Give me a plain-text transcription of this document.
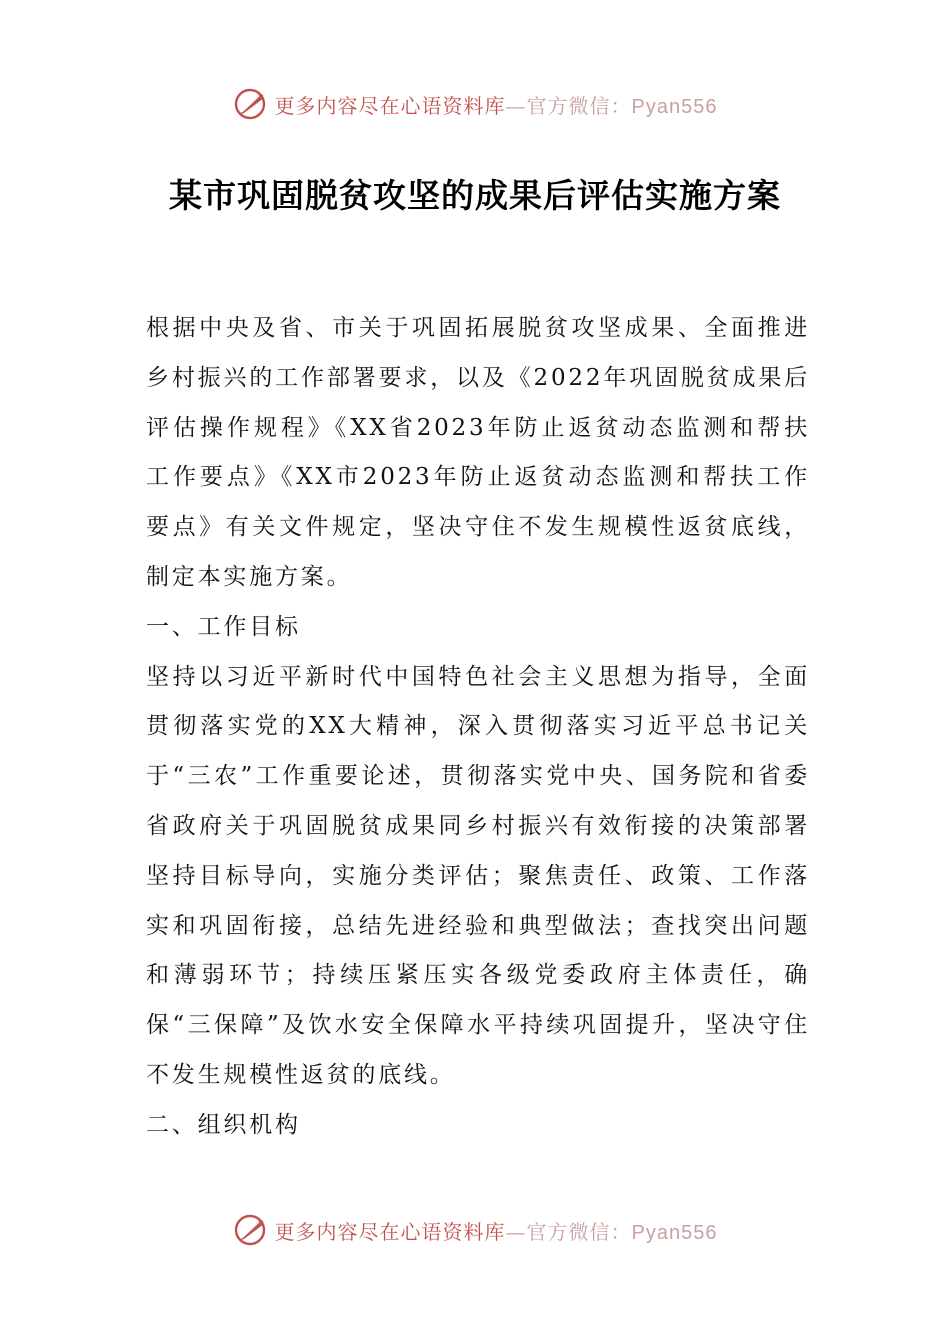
更多内容尽在心语资料库—官方微信：Pyan556
某市巩固脱贫攻坚的成果后评估实施方案

根据中央及省、市关于巩固拓展脱贫攻坚成果、全面推进乡村振兴的工作部署要求，以及《2022年巩固脱贫成果后评估操作规程》《XX省2023年防止返贫动态监测和帮扶工作要点》《XX市2023年防止返贫动态监测和帮扶工作要点》有关文件规定，坚决守住不发生规模性返贫底线，制定本实施方案。

一、工作目标

坚持以习近平新时代中国特色社会主义思想为指导，全面贯彻落实党的XX大精神，深入贯彻落实习近平总书记关于“三农”工作重要论述，贯彻落实党中央、国务院和省委省政府关于巩固脱贫成果同乡村振兴有效衔接的决策部署坚持目标导向，实施分类评估；聚焦责任、政策、工作落实和巩固衔接，总结先进经验和典型做法；查找突出问题和薄弱环节；持续压紧压实各级党委政府主体责任，确保“三保障”及饮水安全保障水平持续巩固提升，坚决守住不发生规模性返贫的底线。

二、组织机构

更多内容尽在心语资料库—官方微信：Pyan556
